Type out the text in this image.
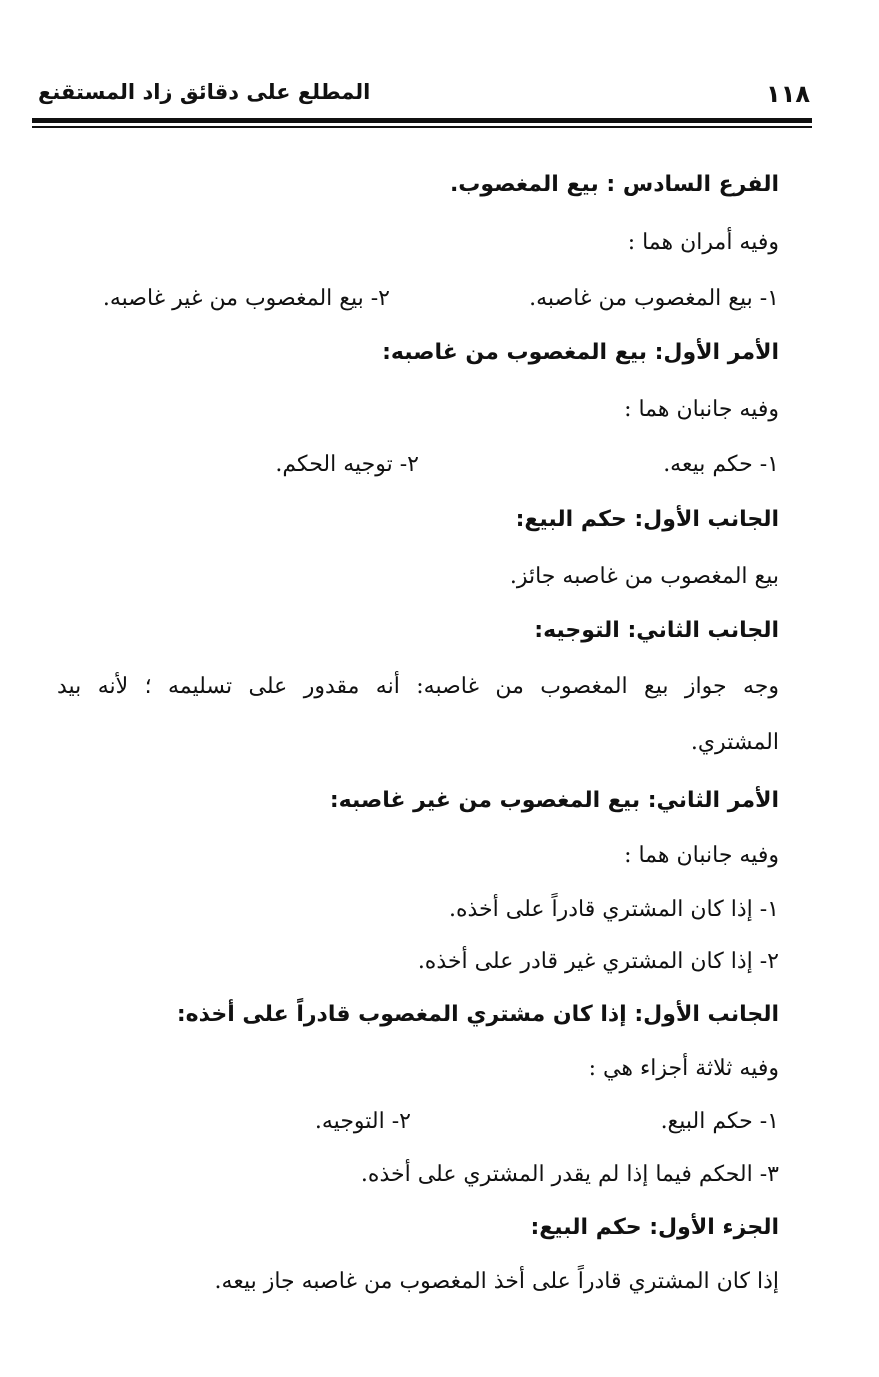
١١٨
المطلع على دقائق زاد المستقنع
الفرع السادس : بيع المغصوب.
وفيه أمران هما :
١- بيع المغصوب من غاصبه.
٢- بيع المغصوب من غير غاصبه.
الأمر الأول: بيع المغصوب من غاصبه:
وفيه جانبان هما :
١- حكم بيعه.
٢- توجيه الحكم.
الجانب الأول: حكم البيع:
بيع المغصوب من غاصبه جائز.
الجانب الثاني: التوجيه:
وجه جواز بيع المغصوب من غاصبه: أنه مقدور على تسليمه ؛ لأنه بيد
المشتري.
الأمر الثاني: بيع المغصوب من غير غاصبه:
وفيه جانبان هما :
١- إذا كان المشتري قادراً على أخذه.
٢- إذا كان المشتري غير قادر على أخذه.
الجانب الأول: إذا كان مشتري المغصوب قادراً على أخذه:
وفيه ثلاثة أجزاء هي :
١- حكم البيع.
٢- التوجيه.
٣- الحكم فيما إذا لم يقدر المشتري على أخذه.
الجزء الأول: حكم البيع:
إذا كان المشتري قادراً على أخذ المغصوب من غاصبه جاز بيعه.
